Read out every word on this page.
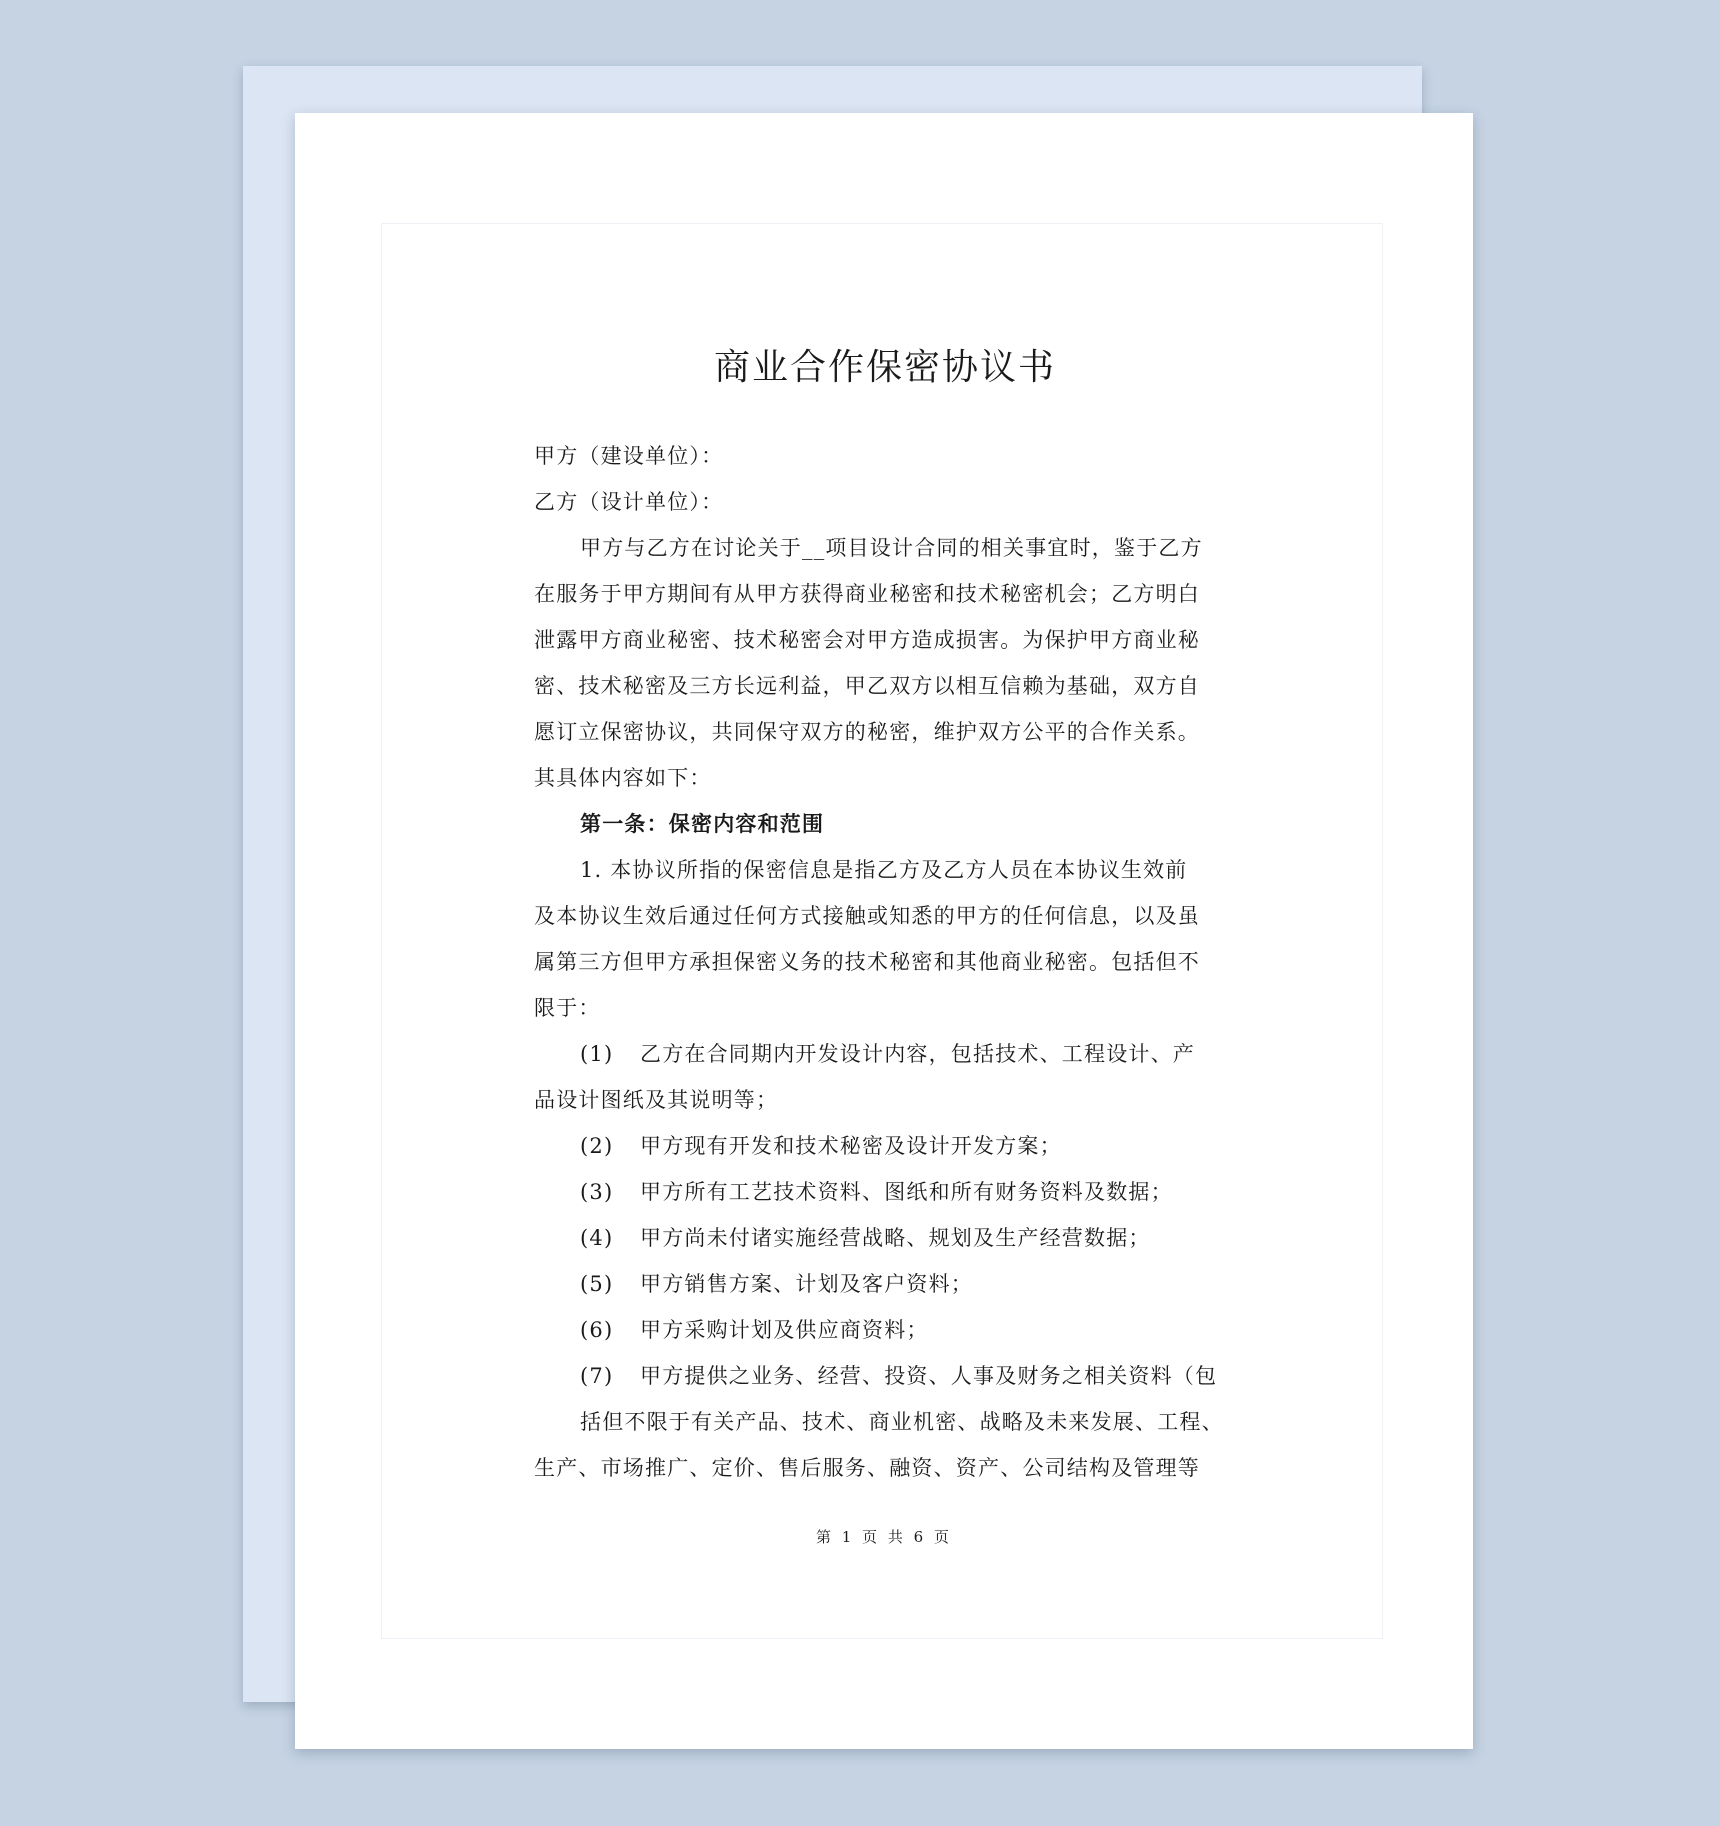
商业合作保密协议书

甲方（建设单位）：

乙方（设计单位）：

甲方与乙方在讨论关于__项目设计合同的相关事宜时，鉴于乙方

在服务于甲方期间有从甲方获得商业秘密和技术秘密机会；乙方明白

泄露甲方商业秘密、技术秘密会对甲方造成损害。为保护甲方商业秘

密、技术秘密及三方长远利益，甲乙双方以相互信赖为基础，双方自

愿订立保密协议，共同保守双方的秘密，维护双方公平的合作关系。

其具体内容如下：

第一条：保密内容和范围

1. 本协议所指的保密信息是指乙方及乙方人员在本协议生效前

及本协议生效后通过任何方式接触或知悉的甲方的任何信息，以及虽

属第三方但甲方承担保密义务的技术秘密和其他商业秘密。包括但不

限于：

(1) 乙方在合同期内开发设计内容，包括技术、工程设计、产

品设计图纸及其说明等；

(2) 甲方现有开发和技术秘密及设计开发方案；

(3) 甲方所有工艺技术资料、图纸和所有财务资料及数据；

(4) 甲方尚未付诸实施经营战略、规划及生产经营数据；

(5) 甲方销售方案、计划及客户资料；

(6) 甲方采购计划及供应商资料；

(7) 甲方提供之业务、经营、投资、人事及财务之相关资料（包

括但不限于有关产品、技术、商业机密、战略及未来发展、工程、

生产、市场推广、定价、售后服务、融资、资产、公司结构及管理等

第 1 页 共 6 页
